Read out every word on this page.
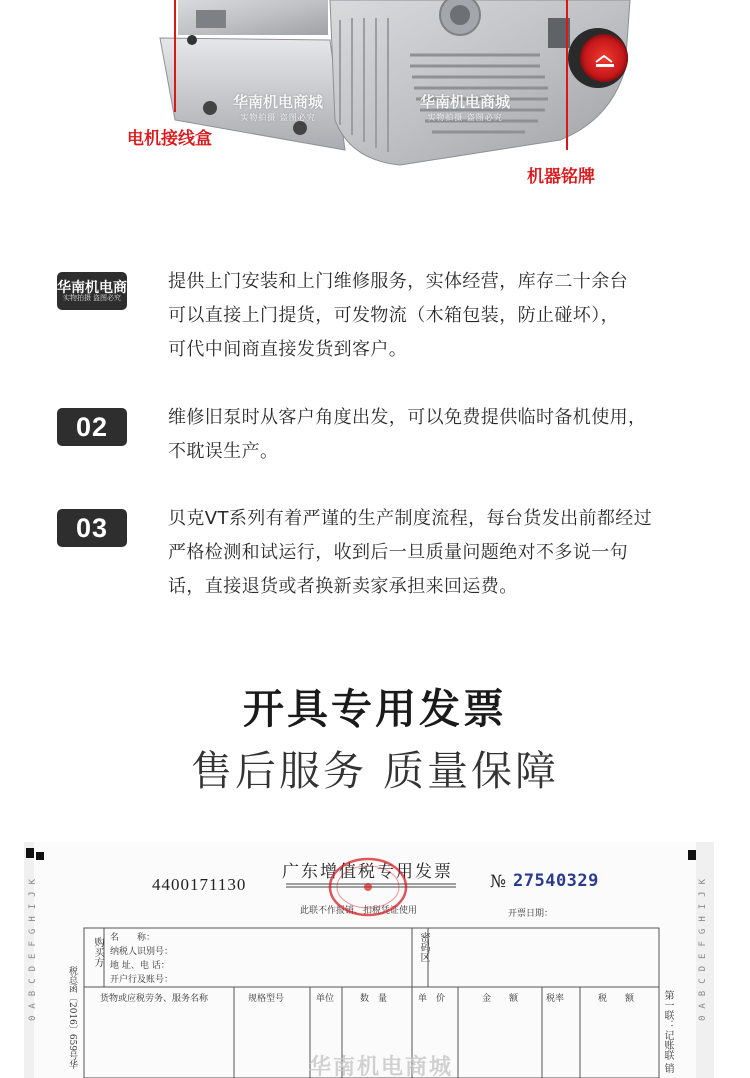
华南机电商城
实物拍摄 盗图必究
华南机电商城
实物拍摄 盗图必究
电机接线盒
机器铭牌
华南机电商
实物拍摄 盗图必究
提供上门安装和上门维修服务，实体经营，库存二十余台
可以直接上门提货，可发物流（木箱包装，防止碰坏），
可代中间商直接发货到客户。
02	维修旧泵时从客户角度出发，可以免费提供临时备机使用，
不耽误生产。
03	贝克VT系列有着严谨的生产制度流程，每台货发出前都经过
严格检测和试运行，收到后一旦质量问题绝对不多说一句
话，直接退货或者换新卖家承担来回运费。
开具专用发票
售后服务 质量保障
0ABCDEFGHIJK	0ABCDEFGHIJK
税总函〔2016〕659号华	第一联：记账联 销
4400171130
广东增值税专用发票
此联不作报销、扣税凭证使用
№ 27540329
开票日期：
购买方 名　　称：
纳税人识别号：
地 址、电 话：
开户行及账号：
密码区
货物或应税劳务、服务名称	规格型号	单位	数　量	单　价	金　　额	税率	税　　额
华南机电商城
